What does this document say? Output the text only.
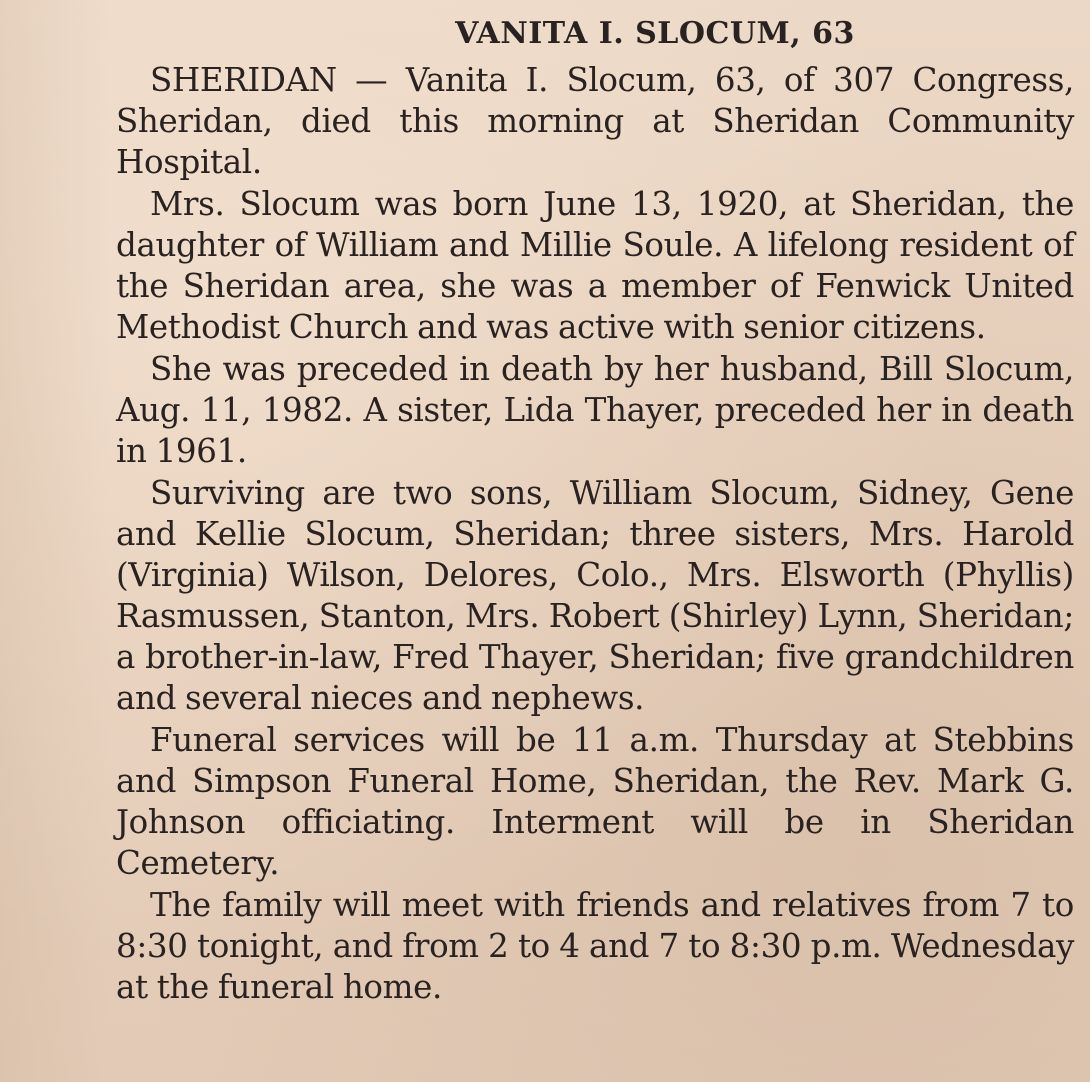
VANITA I. SLOCUM, 63

SHERIDAN — Vanita I. Slocum, 63, of 307 Congress, Sheridan, died this morning at Sheridan Community Hospital.

Mrs. Slocum was born June 13, 1920, at Sheridan, the daughter of William and Millie Soule. A lifelong resident of the Sheridan area, she was a member of Fenwick United Methodist Church and was active with senior citizens.

She was preceded in death by her husband, Bill Slocum, Aug. 11, 1982. A sister, Lida Thayer, preceded her in death in 1961.

Surviving are two sons, William Slocum, Sidney, Gene and Kellie Slocum, Sheridan; three sisters, Mrs. Harold (Virginia) Wilson, Delores, Colo., Mrs. Elsworth (Phyllis) Rasmussen, Stanton, Mrs. Robert (Shirley) Lynn, Sheridan; a brother-in-law, Fred Thayer, Sheridan; five grandchildren and several nieces and nephews.

Funeral services will be 11 a.m. Thursday at Stebbins and Simpson Funeral Home, Sheridan, the Rev. Mark G. Johnson officiating. Interment will be in Sheridan Cemetery.

The family will meet with friends and relatives from 7 to 8:30 tonight, and from 2 to 4 and 7 to 8:30 p.m. Wednesday at the funeral home.
